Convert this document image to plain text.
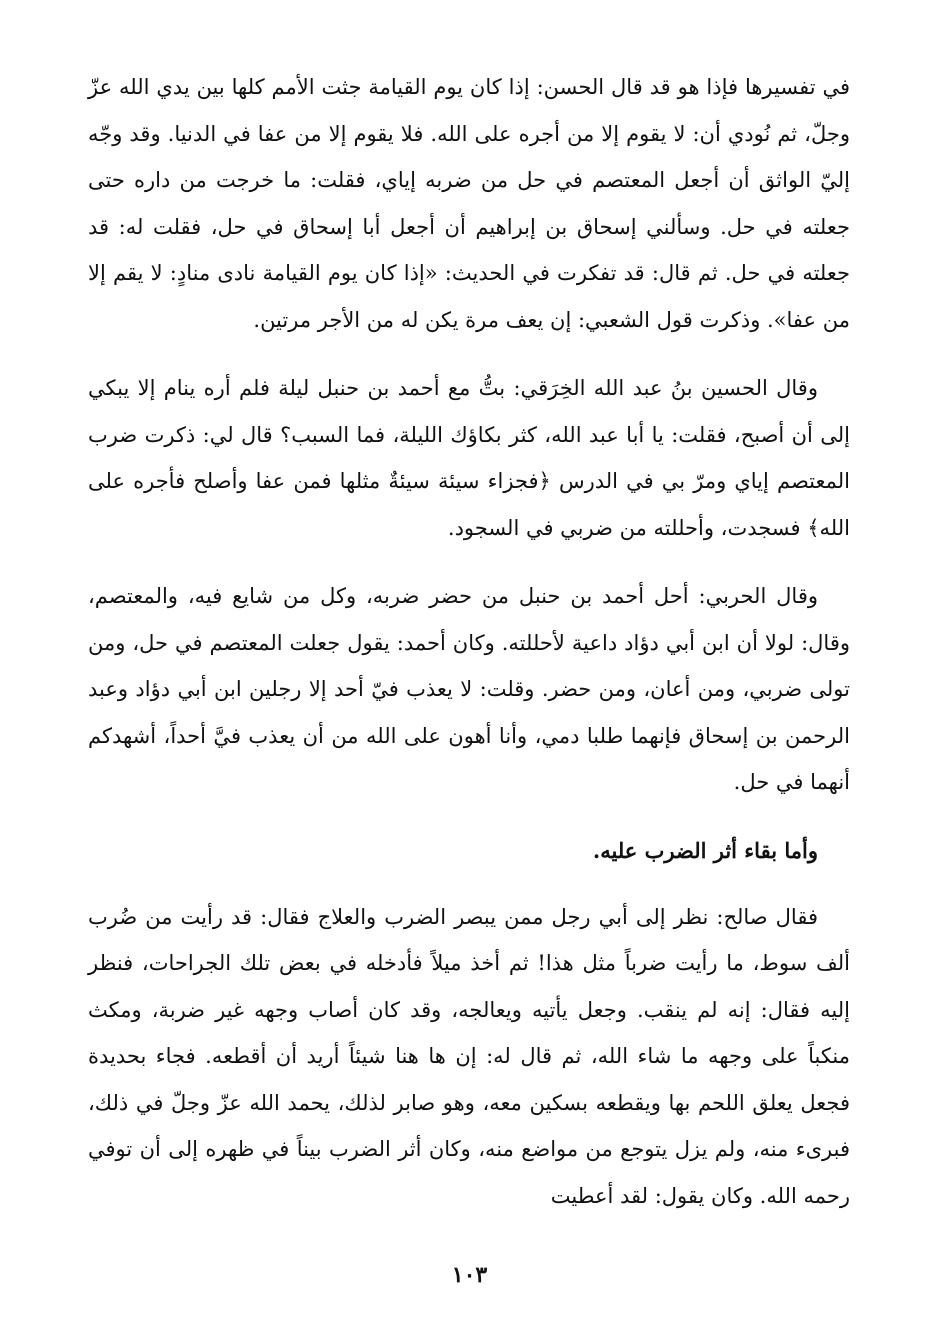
في تفسيرها فإذا هو قد قال الحسن: إذا كان يوم القيامة جثت الأمم كلها بين يدي الله عزّ وجلّ، ثم نُودي أن: لا يقوم إلا من أجره على الله. فلا يقوم إلا من عفا في الدنيا. وقد وجّه إليّ الواثق أن أجعل المعتصم في حل من ضربه إياي، فقلت: ما خرجت من داره حتى جعلته في حل. وسألني إسحاق بن إبراهيم أن أجعل أبا إسحاق في حل، فقلت له: قد جعلته في حل. ثم قال: قد تفكرت في الحديث: «إذا كان يوم القيامة نادى منادٍ: لا يقم إلا من عفا». وذكرت قول الشعبي: إن يعف مرة يكن له من الأجر مرتين.

وقال الحسين بنُ عبد الله الخِرَقي: بتُّ مع أحمد بن حنبل ليلة فلم أره ينام إلا يبكي إلى أن أصبح، فقلت: يا أبا عبد الله، كثر بكاؤك الليلة، فما السبب؟ قال لي: ذكرت ضرب المعتصم إياي ومرّ بي في الدرس ﴿فجزاء سيئة سيئةٌ مثلها فمن عفا وأصلح فأجره على الله﴾ فسجدت، وأحللته من ضربي في السجود.

وقال الحربي: أحل أحمد بن حنبل من حضر ضربه، وكل من شايع فيه، والمعتصم، وقال: لولا أن ابن أبي دؤاد داعية لأحللته. وكان أحمد: يقول جعلت المعتصم في حل، ومن تولى ضربي، ومن أعان، ومن حضر. وقلت: لا يعذب فيّ أحد إلا رجلين ابن أبي دؤاد وعبد الرحمن بن إسحاق فإنهما طلبا دمي، وأنا أهون على الله من أن يعذب فيَّ أحداً، أشهدكم أنهما في حل.

وأما بقاء أثر الضرب عليه.

فقال صالح: نظر إلى أبي رجل ممن يبصر الضرب والعلاج فقال: قد رأيت من ضُرب ألف سوط، ما رأيت ضرباً مثل هذا! ثم أخذ ميلاً فأدخله في بعض تلك الجراحات، فنظر إليه فقال: إنه لم ينقب. وجعل يأتيه ويعالجه، وقد كان أصاب وجهه غير ضربة، ومكث منكباً على وجهه ما شاء الله، ثم قال له: إن ها هنا شيئاً أريد أن أقطعه. فجاء بحديدة فجعل يعلق اللحم بها ويقطعه بسكين معه، وهو صابر لذلك، يحمد الله عزّ وجلّ في ذلك، فبرىء منه، ولم يزل يتوجع من مواضع منه، وكان أثر الضرب بيناً في ظهره إلى أن توفي رحمه الله. وكان يقول: لقد أعطيت

١٠٣
